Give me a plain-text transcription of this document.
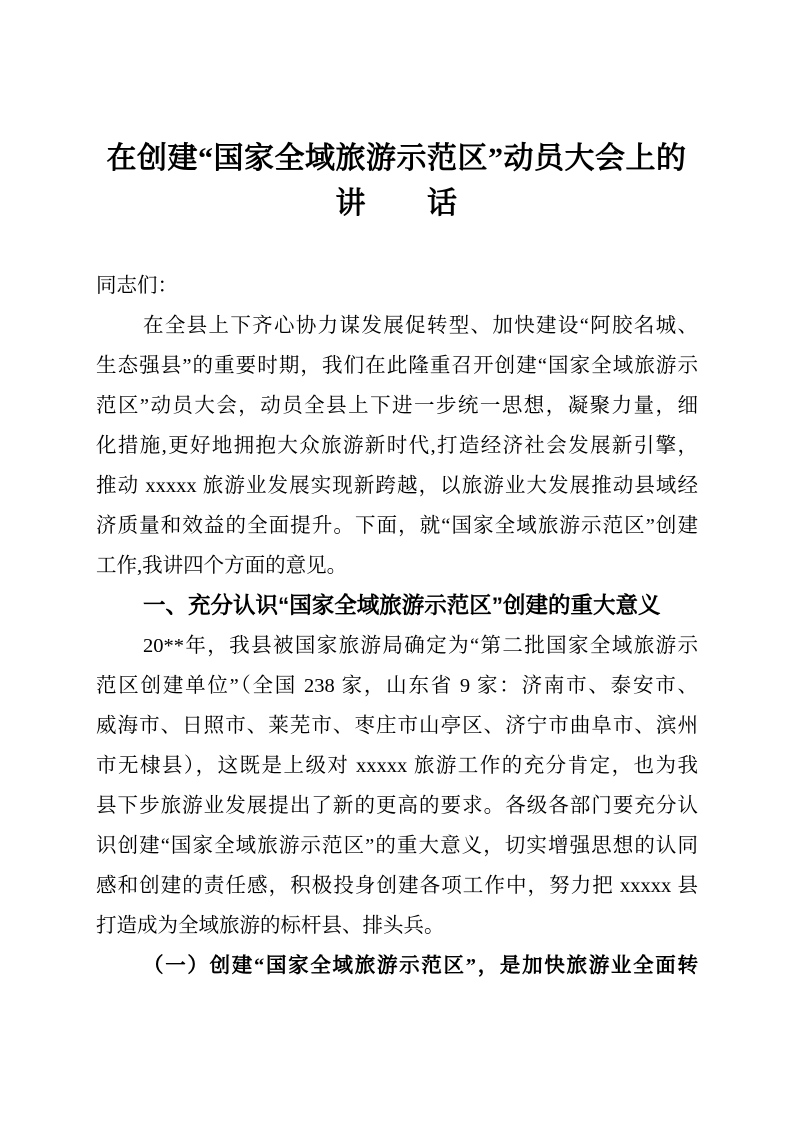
在创建“国家全域旅游示范区”动员大会上的
讲　　话
同志们：
在全县上下齐心协力谋发展促转型、加快建设“阿胶名城、
生态强县”的重要时期，我们在此隆重召开创建“国家全域旅游示
范区”动员大会，动员全县上下进一步统一思想，凝聚力量，细
化措施,更好地拥抱大众旅游新时代,打造经济社会发展新引擎，
推动 xxxxx 旅游业发展实现新跨越，以旅游业大发展推动县域经
济质量和效益的全面提升。下面，就“国家全域旅游示范区”创建
工作,我讲四个方面的意见。
一、充分认识“国家全域旅游示范区”创建的重大意义
20**年，我县被国家旅游局确定为“第二批国家全域旅游示
范区创建单位”（全国 238 家，山东省 9 家：济南市、泰安市、
威海市、日照市、莱芜市、枣庄市山亭区、济宁市曲阜市、滨州
市无棣县），这既是上级对 xxxxx 旅游工作的充分肯定，也为我
县下步旅游业发展提出了新的更高的要求。各级各部门要充分认
识创建“国家全域旅游示范区”的重大意义，切实增强思想的认同
感和创建的责任感，积极投身创建各项工作中，努力把 xxxxx 县
打造成为全域旅游的标杆县、排头兵。
（一）创建“国家全域旅游示范区”，是加快旅游业全面转
